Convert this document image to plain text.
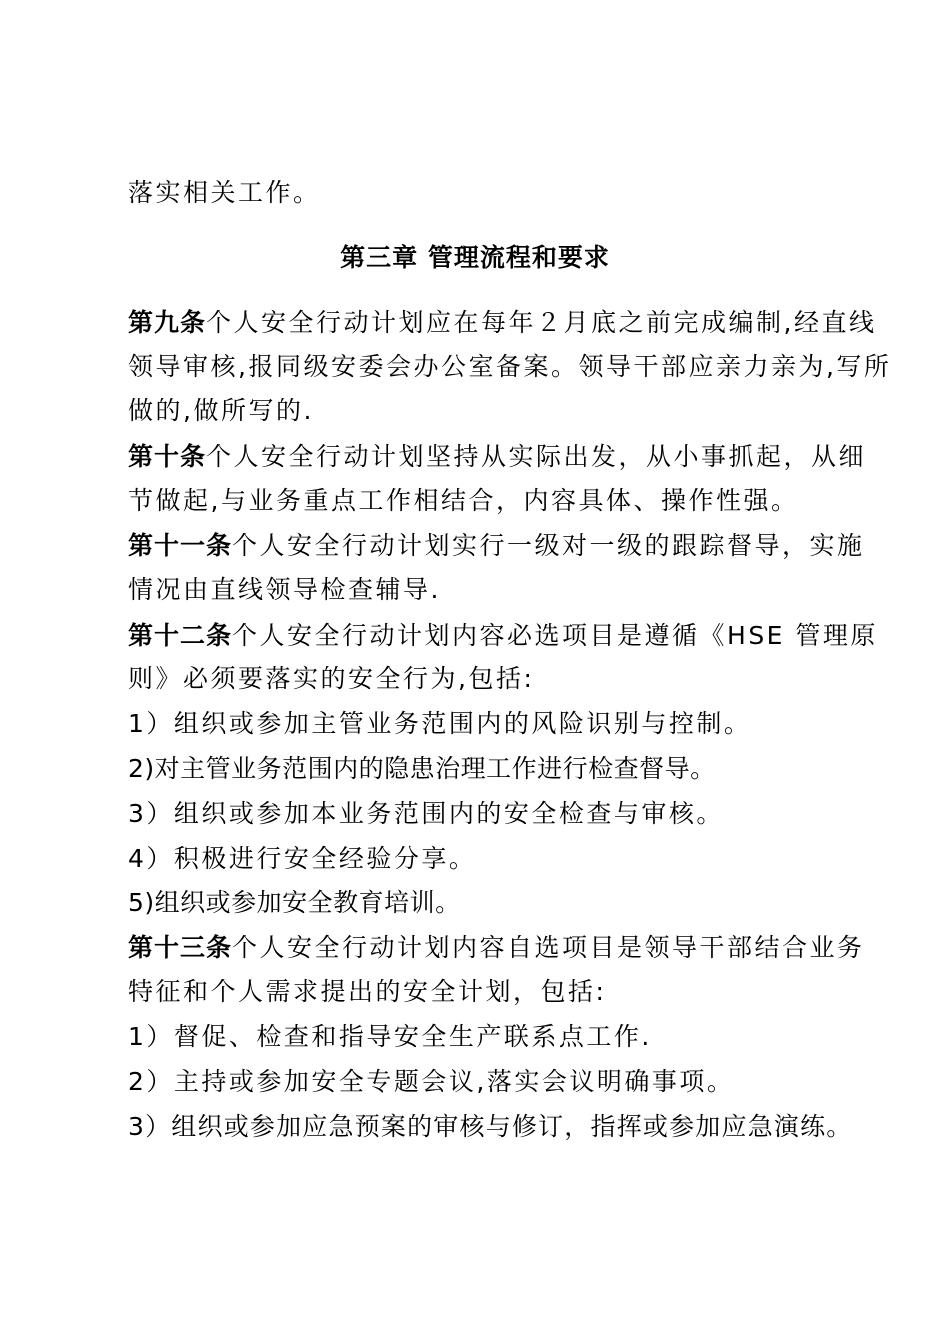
落实相关工作。
第三章 管理流程和要求
第九条个人安全行动计划应在每年２月底之前完成编制,经直线
领导审核,报同级安委会办公室备案。领导干部应亲力亲为,写所
做的,做所写的.
第十条个人安全行动计划坚持从实际出发，从小事抓起，从细
节做起,与业务重点工作相结合，内容具体、操作性强。
第十一条个人安全行动计划实行一级对一级的跟踪督导，实施
情况由直线领导检查辅导.
第十二条个人安全行动计划内容必选项目是遵循《HSE 管理原
则》必须要落实的安全行为,包括:
1）组织或参加主管业务范围内的风险识别与控制。
2)对主管业务范围内的隐患治理工作进行检查督导。
3）组织或参加本业务范围内的安全检查与审核。
4）积极进行安全经验分享。
5)组织或参加安全教育培训。
第十三条个人安全行动计划内容自选项目是领导干部结合业务
特征和个人需求提出的安全计划，包括:
1）督促、检查和指导安全生产联系点工作.
2）主持或参加安全专题会议,落实会议明确事项。
3）组织或参加应急预案的审核与修订，指挥或参加应急演练。
